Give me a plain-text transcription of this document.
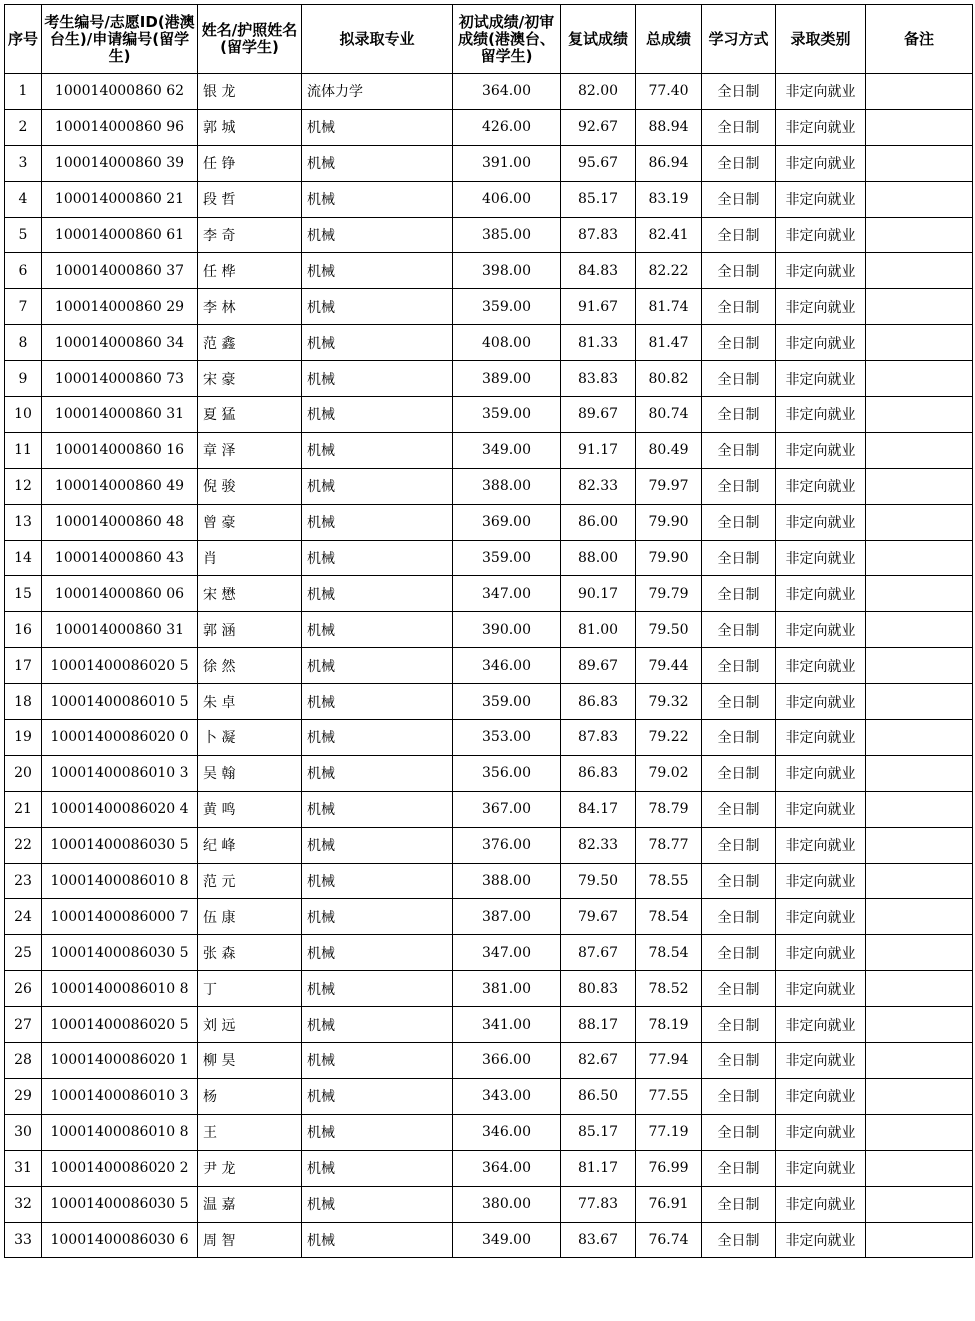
序号	考生编号/志愿ID(港澳台生)/申请编号(留学生)	姓名/护照姓名(留学生)	拟录取专业	初试成绩/初审成绩(港澳台、留学生)	复试成绩	总成绩	学习方式	录取类别	备注
1	100014000860 62	银 龙	流体力学	364.00	82.00	77.40	全日制	非定向就业	
2	100014000860 96	郭 城	机械	426.00	92.67	88.94	全日制	非定向就业	
3	100014000860 39	任 铮	机械	391.00	95.67	86.94	全日制	非定向就业	
4	100014000860 21	段 哲	机械	406.00	85.17	83.19	全日制	非定向就业	
5	100014000860 61	李 奇	机械	385.00	87.83	82.41	全日制	非定向就业	
6	100014000860 37	任 桦	机械	398.00	84.83	82.22	全日制	非定向就业	
7	100014000860 29	李 林	机械	359.00	91.67	81.74	全日制	非定向就业	
8	100014000860 34	范 鑫	机械	408.00	81.33	81.47	全日制	非定向就业	
9	100014000860 73	宋 豪	机械	389.00	83.83	80.82	全日制	非定向就业	
10	100014000860 31	夏 猛	机械	359.00	89.67	80.74	全日制	非定向就业	
11	100014000860 16	章 泽	机械	349.00	91.17	80.49	全日制	非定向就业	
12	100014000860 49	倪 骏	机械	388.00	82.33	79.97	全日制	非定向就业	
13	100014000860 48	曾 豪	机械	369.00	86.00	79.90	全日制	非定向就业	
14	100014000860 43	肖	机械	359.00	88.00	79.90	全日制	非定向就业	
15	100014000860 06	宋 懋	机械	347.00	90.17	79.79	全日制	非定向就业	
16	100014000860 31	郭 涵	机械	390.00	81.00	79.50	全日制	非定向就业	
17	10001400086020 5	徐 然	机械	346.00	89.67	79.44	全日制	非定向就业	
18	10001400086010 5	朱 卓	机械	359.00	86.83	79.32	全日制	非定向就业	
19	10001400086020 0	卜 凝	机械	353.00	87.83	79.22	全日制	非定向就业	
20	10001400086010 3	吴 翰	机械	356.00	86.83	79.02	全日制	非定向就业	
21	10001400086020 4	黄 鸣	机械	367.00	84.17	78.79	全日制	非定向就业	
22	10001400086030 5	纪 峰	机械	376.00	82.33	78.77	全日制	非定向就业	
23	10001400086010 8	范 元	机械	388.00	79.50	78.55	全日制	非定向就业	
24	10001400086000 7	伍 康	机械	387.00	79.67	78.54	全日制	非定向就业	
25	10001400086030 5	张 森	机械	347.00	87.67	78.54	全日制	非定向就业	
26	10001400086010 8	丁	机械	381.00	80.83	78.52	全日制	非定向就业	
27	10001400086020 5	刘 远	机械	341.00	88.17	78.19	全日制	非定向就业	
28	10001400086020 1	柳 昊	机械	366.00	82.67	77.94	全日制	非定向就业	
29	10001400086010 3	杨	机械	343.00	86.50	77.55	全日制	非定向就业	
30	10001400086010 8	王	机械	346.00	85.17	77.19	全日制	非定向就业	
31	10001400086020 2	尹 龙	机械	364.00	81.17	76.99	全日制	非定向就业	
32	10001400086030 5	温 嘉	机械	380.00	77.83	76.91	全日制	非定向就业	
33	10001400086030 6	周 智	机械	349.00	83.67	76.74	全日制	非定向就业	
